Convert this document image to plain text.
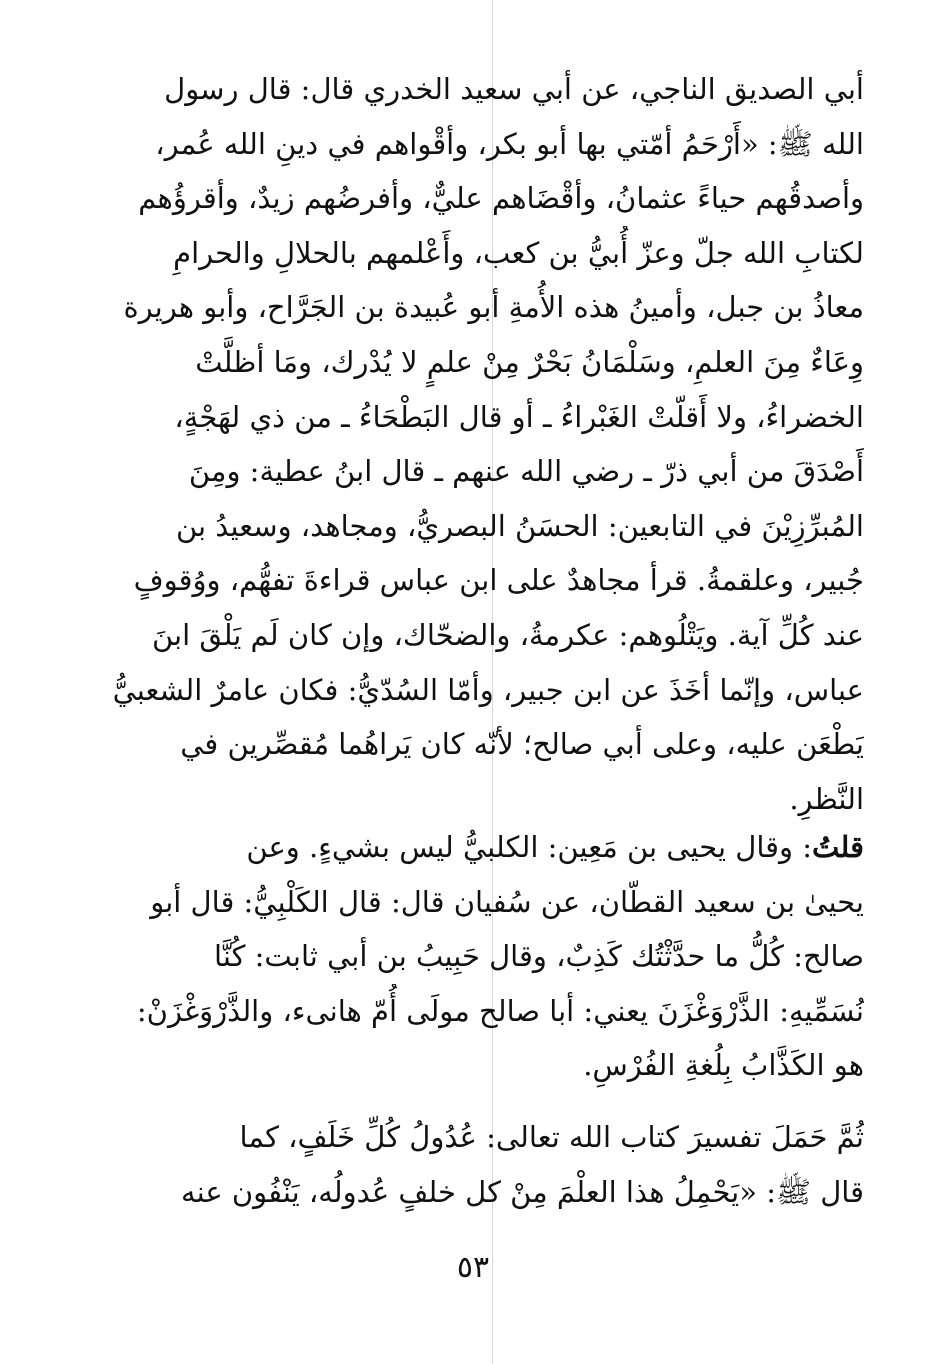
أبي الصديق الناجي، عن أبي سعيد الخدري قال: قال رسول
الله ﷺ: «أَرْحَمُ أمّتي بها أبو بكر، وأقْواهم في دينِ الله عُمر،
وأصدقُهم حياءً عثمانُ، وأقْضَاهم عليٌّ، وأفرضُهم زيدٌ، وأقرؤُهم
لكتابِ الله جلّ وعزّ أُبيُّ بن كعب، وأَعْلمهم بالحلالِ والحرامِ
معاذُ بن جبل، وأمينُ هذه الأُمةِ أبو عُبيدة بن الجَرَّاح، وأبو هريرة
وِعَاءٌ مِنَ العلمِ، وسَلْمَانُ بَحْرٌ مِنْ علمٍ لا يُدْرك، ومَا أظلَّتْ
الخضراءُ، ولا أَقلّتْ الغَبْراءُ ـ أو قال البَطْحَاءُ ـ من ذي لهَجْةٍ،
أَصْدَقَ من أبي ذرّ ـ رضي الله عنهم ـ قال ابنُ عطية: ومِنَ
المُبرِّزِيْنَ في التابعين: الحسَنُ البصريُّ، ومجاهد، وسعيدُ بن
جُبير، وعلقمةُ. قرأ مجاهدٌ على ابن عباس قراءةَ تفهُّم، ووُقوفٍ
عند كُلِّ آية. ويَتْلُوهم: عكرمةُ، والضحّاك، وإن كان لَم يَلْقَ ابنَ
عباس، وإنّما أخَذَ عن ابن جبير، وأمّا السُدّيُّ: فكان عامرٌ الشعبيُّ
يَطْعَن عليه، وعلى أبي صالح؛ لأنّه كان يَراهُما مُقصِّرين في
النَّظرِ.
قلتُ: وقال يحيى بن مَعِين: الكلبيُّ ليس بشيءٍ. وعن
يحيىٰ بن سعيد القطّان، عن سُفيان قال: قال الكَلْبِيُّ: قال أبو
صالح: كُلُّ ما حدَّثْتُك كَذِبٌ، وقال حَبِيبُ بن أبي ثابت: كُنَّا
نُسَمِّيهِ: الذَّرْوَغْزَنَ يعني: أبا صالح مولَى أُمّ هانىء، والذَّرْوَغْزَنْ:
هو الكَذَّابُ بِلُغةِ الفُرْسِ.
ثُمَّ حَمَلَ تفسيرَ كتاب الله تعالى: عُدُولُ كُلِّ خَلَفٍ، كما
قال ﷺ: «يَحْمِلُ هذا العلْمَ مِنْ كل خلفٍ عُدولُه، يَنْفُون عنه
٥٣
